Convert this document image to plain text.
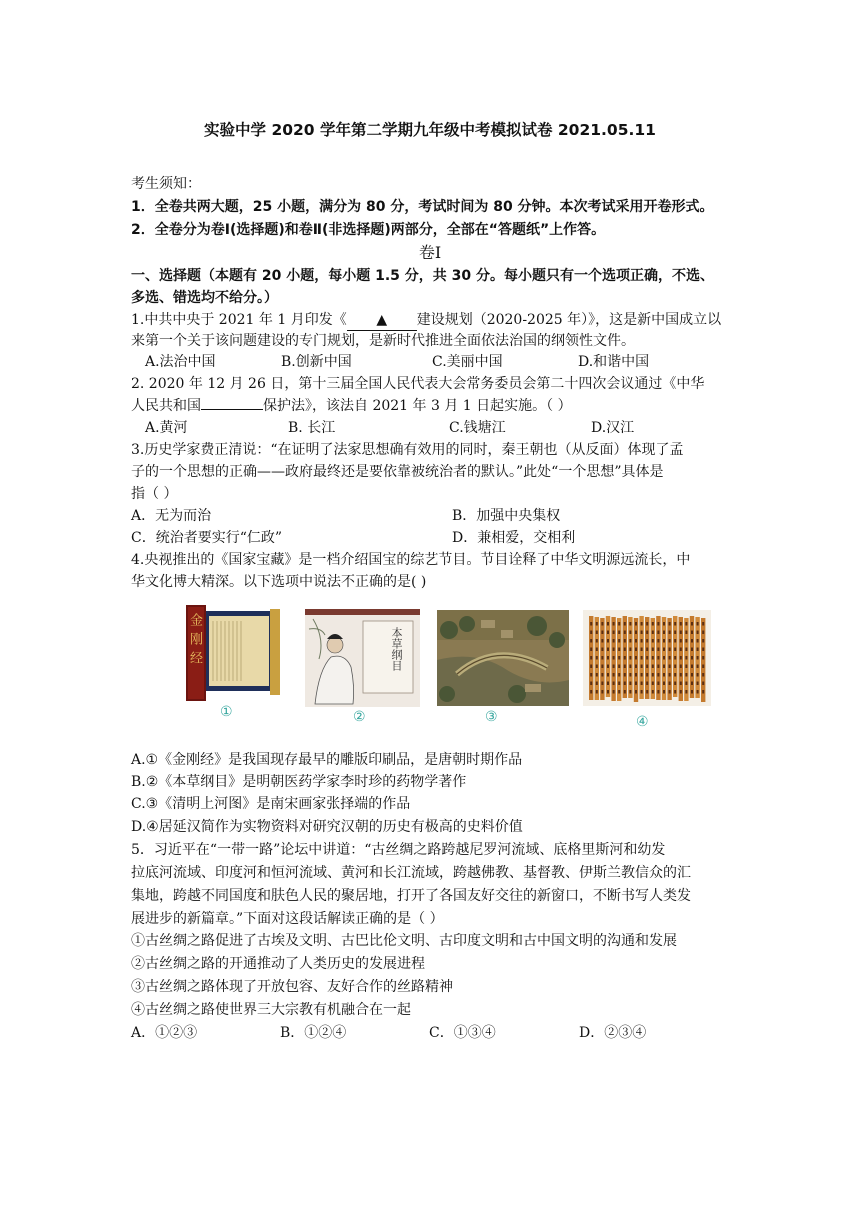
实验中学 2020 学年第二学期九年级中考模拟试卷 2021.05.11
考生须知：
1．全卷共两大题，25 小题，满分为 80 分，考试时间为 80 分钟。本次考试采用开卷形式。
2．全卷分为卷Ⅰ(选择题)和卷Ⅱ(非选择题)两部分，全部在“答题纸”上作答。
卷Ⅰ
一、选择题（本题有 20 小题，每小题 1.5 分，共 30 分。每小题只有一个选项正确，不选、
多选、错选均不给分。）
1.中共中央于 2021 年 1 月印发《 ▲ 建设规划（2020-2025 年）》，这是新中国成立以
来第一个关于该问题建设的专门规划，是新时代推进全面依法治国的纲领性文件。
A.法治中国	B.创新中国	C.美丽中国	D.和谐中国
2. 2020 年 12 月 26 日，第十三届全国人民代表大会常务委员会第二十四次会议通过《中华
人民共和国	保护法》，该法自 2021 年 3 月 1 日起实施。（ ）
A.黄河	B. 长江	C.钱塘江	D.汉江
3.历史学家费正清说：“在证明了法家思想确有效用的同时，秦王朝也（从反面）体现了孟
子的一个思想的正确——政府最终还是要依靠被统治者的默认。”此处“一个思想”具体是
指（ ）
A．无为而治	B．加强中央集权
C．统治者要实行“仁政”	D．兼相爱，交相利
4.央视推出的《国家宝藏》是一档介绍国宝的综艺节目。节目诠释了中华文明源远流长，中
华文化博大精深。以下选项中说法不正确的是( )
金刚经
①
本草纲目
②	③	④
A.①《金刚经》是我国现存最早的雕版印刷品，是唐朝时期作品
B.②《本草纲目》是明朝医药学家李时珍的药物学著作
C.③《清明上河图》是南宋画家张择端的作品
D.④居延汉简作为实物资料对研究汉朝的历史有极高的史料价值
5．习近平在“一带一路”论坛中讲道：“古丝绸之路跨越尼罗河流域、底格里斯河和幼发
拉底河流域、印度河和恒河流域、黄河和长江流域，跨越佛教、基督教、伊斯兰教信众的汇
集地，跨越不同国度和肤色人民的聚居地，打开了各国友好交往的新窗口，不断书写人类发
展进步的新篇章。”下面对这段话解读正确的是（ ）
①古丝绸之路促进了古埃及文明、古巴比伦文明、古印度文明和古中国文明的沟通和发展
②古丝绸之路的开通推动了人类历史的发展进程
③古丝绸之路体现了开放包容、友好合作的丝路精神
④古丝绸之路使世界三大宗教有机融合在一起
A．①②③	B．①②④	C．①③④	D．②③④
